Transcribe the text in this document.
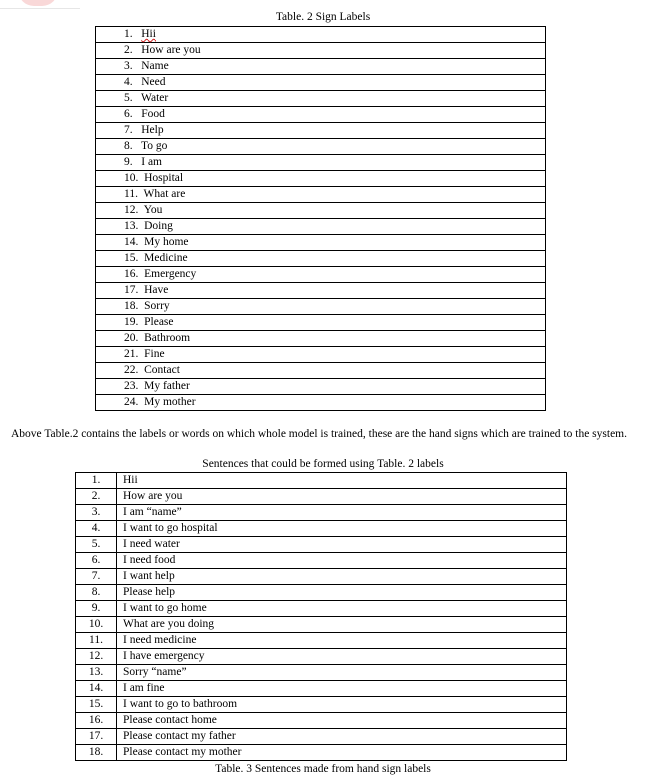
Table. 2 Sign Labels
1.   Hii
2.   How are you
3.   Name
4.   Need
5.   Water
6.   Food
7.   Help
8.   To go
9.   I am
10.  Hospital
11.  What are
12.  You
13.  Doing
14.  My home
15.  Medicine
16.  Emergency
17.  Have
18.  Sorry
19.  Please
20.  Bathroom
21.  Fine
22.  Contact
23.  My father
24.  My mother
Above Table.2 contains the labels or words on which whole model is trained, these are the hand signs which are trained to the system.
Sentences that could be formed using Table. 2 labels
1.	Hii
2.	How are you
3.	I am “name”
4.	I want to go hospital
5.	I need water
6.	I need food
7.	I want help
8.	Please help
9.	I want to go home
10.	What are you doing
11.	I need medicine
12.	I have emergency
13.	Sorry “name”
14.	I am fine
15.	I want to go to bathroom
16.	Please contact home
17.	Please contact my father
18.	Please contact my mother
Table. 3 Sentences made from hand sign labels
